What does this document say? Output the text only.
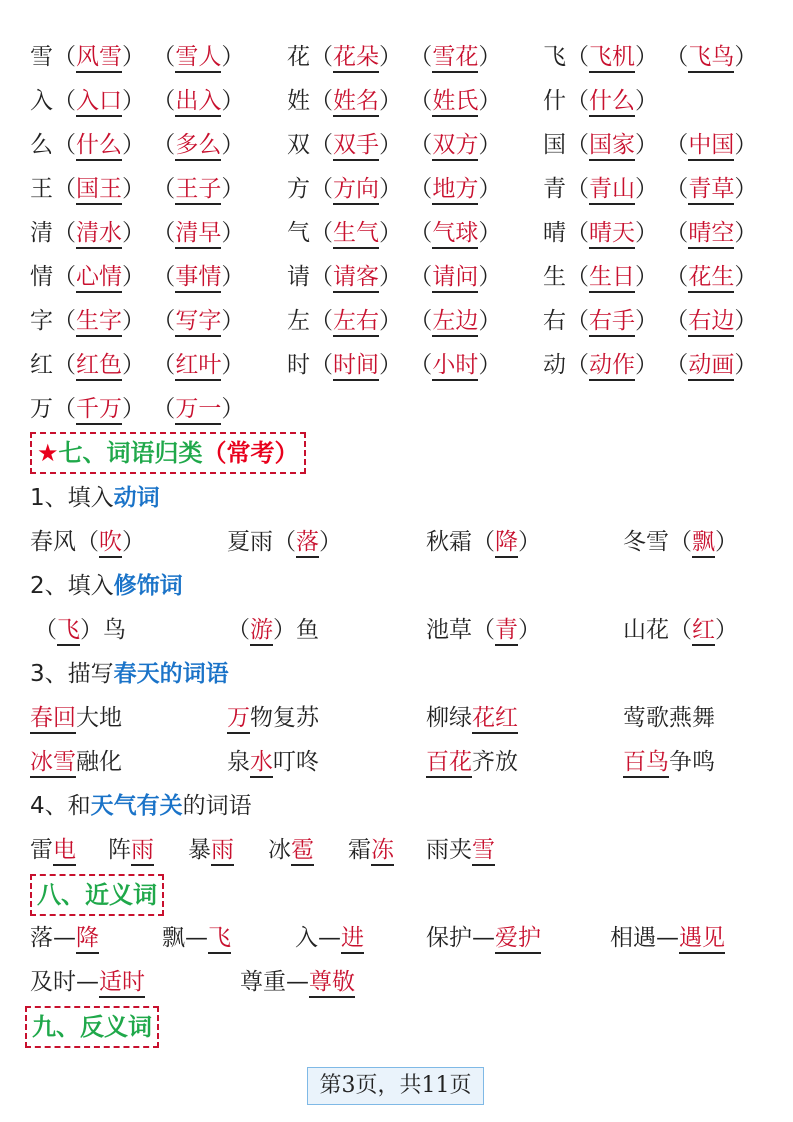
雪（风雪） （雪人） 花（花朵） （雪花） 飞（飞机） （飞鸟）
入（入口） （出入） 姓（姓名） （姓氏） 什（什么）
么（什么） （多么） 双（双手） （双方） 国（国家） （中国）
王（国王） （王子） 方（方向） （地方） 青（青山） （青草）
清（清水） （清早） 气（生气） （气球） 晴（晴天） （晴空）
情（心情） （事情） 请（请客） （请问） 生（生日） （花生）
字（生字） （写字） 左（左右） （左边） 右（右手） （右边）
红（红色） （红叶） 时（时间） （小时） 动（动作） （动画）
万（千万） （万一）
★七、词语归类（常考）
1、填入动词
春风（吹）	夏雨（落）	秋霜（降）	冬雪（飘）
2、填入修饰词
（飞）鸟	（游）鱼	池草（青）	山花（红）
3、描写春天的词语
春回大地	万物复苏	柳绿花红	莺歌燕舞
冰雪融化	泉水叮咚	百花齐放	百鸟争鸣
4、和天气有关的词语
雷电 阵雨 暴雨 冰雹 霜冻 雨夹雪
八、近义词
落—降	飘—飞	入—进	保护—爱护	相遇—遇见
及时—适时	尊重—尊敬
九、反义词
第3页，共11页
